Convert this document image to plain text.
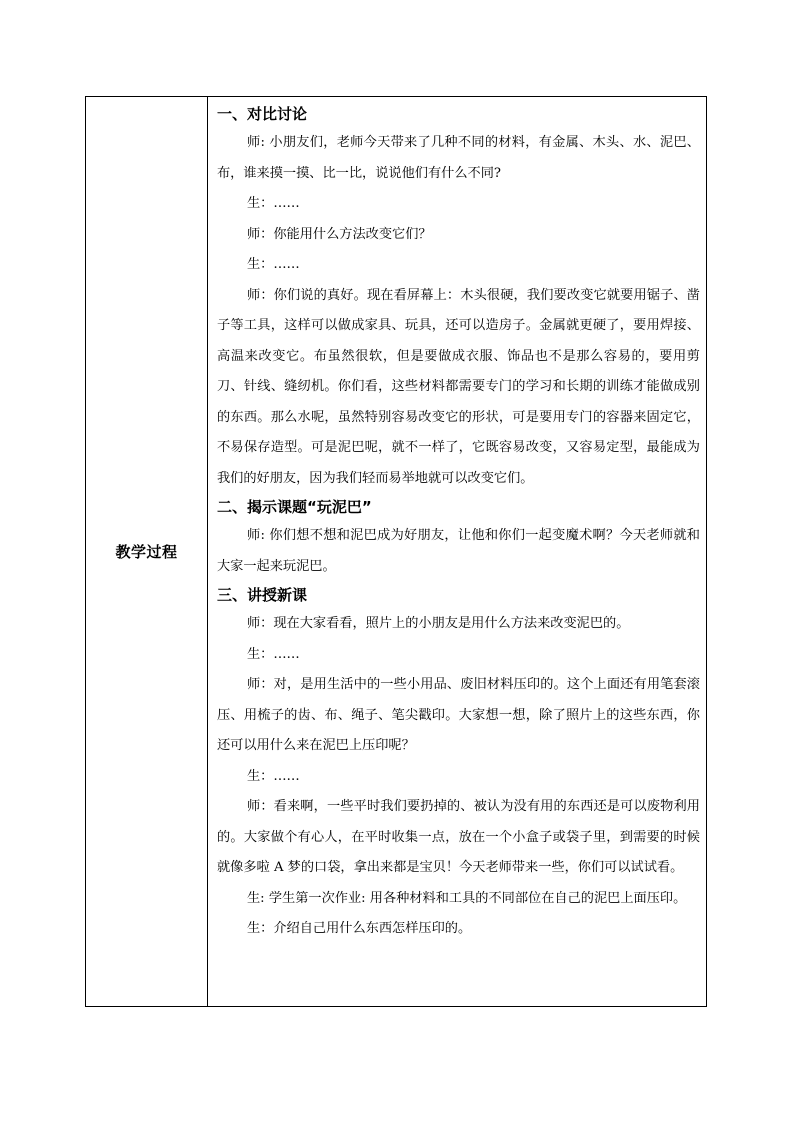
教学过程

一、对比讨论

师: 小朋友们，老师今天带来了几种不同的材料，有金属、木头、水、泥巴、布，谁来摸一摸、比一比，说说他们有什么不同?

生：……

师：你能用什么方法改变它们？

生：……

师：你们说的真好。现在看屏幕上：木头很硬，我们要改变它就要用锯子、凿子等工具，这样可以做成家具、玩具，还可以造房子。金属就更硬了，要用焊接、高温来改变它。布虽然很软，但是要做成衣服、饰品也不是那么容易的，要用剪刀、针线、缝纫机。你们看，这些材料都需要专门的学习和长期的训练才能做成别的东西。那么水呢，虽然特别容易改变它的形状，可是要用专门的容器来固定它，不易保存造型。可是泥巴呢，就不一样了，它既容易改变，又容易定型，最能成为我们的好朋友，因为我们轻而易举地就可以改变它们。

二、揭示课题“玩泥巴”

师: 你们想不想和泥巴成为好朋友，让他和你们一起变魔术啊？今天老师就和大家一起来玩泥巴。

三、讲授新课

师：现在大家看看，照片上的小朋友是用什么方法来改变泥巴的。

生：……

师：对，是用生活中的一些小用品、废旧材料压印的。这个上面还有用笔套滚压、用梳子的齿、布、绳子、笔尖戳印。大家想一想，除了照片上的这些东西，你还可以用什么来在泥巴上压印呢？

生：……

师：看来啊，一些平时我们要扔掉的、被认为没有用的东西还是可以废物利用的。大家做个有心人，在平时收集一点，放在一个小盒子或袋子里，到需要的时候就像多啦 A 梦的口袋，拿出来都是宝贝！今天老师带来一些，你们可以试试看。

生: 学生第一次作业: 用各种材料和工具的不同部位在自己的泥巴上面压印。

生：介绍自己用什么东西怎样压印的。
